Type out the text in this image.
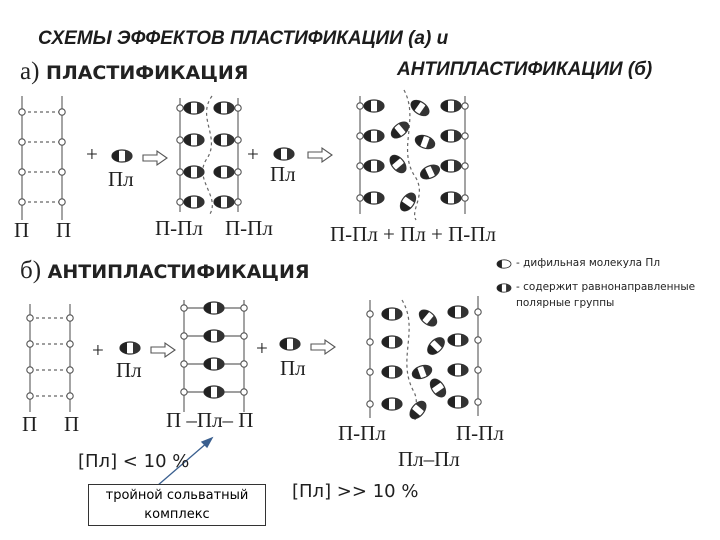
СХЕМЫ ЭФФЕКТОВ ПЛАСТИФИКАЦИИ (а) и
АНТИПЛАСТИФИКАЦИИ (б)
а) ПЛАСТИФИКАЦИЯ
б) АНТИПЛАСТИФИКАЦИЯ
П П
+
Пл
П-Пл П-Пл
+
Пл
П-Пл + Пл + П-Пл
П П
+
Пл
П –Пл– П
+
Пл
П-Пл	П-Пл
Пл–Пл
- дифильная молекула Пл
- содержит равнонаправленные
полярные группы
[Пл] < 10 %
[Пл] >> 10 %
тройной сольватный
комплекс
